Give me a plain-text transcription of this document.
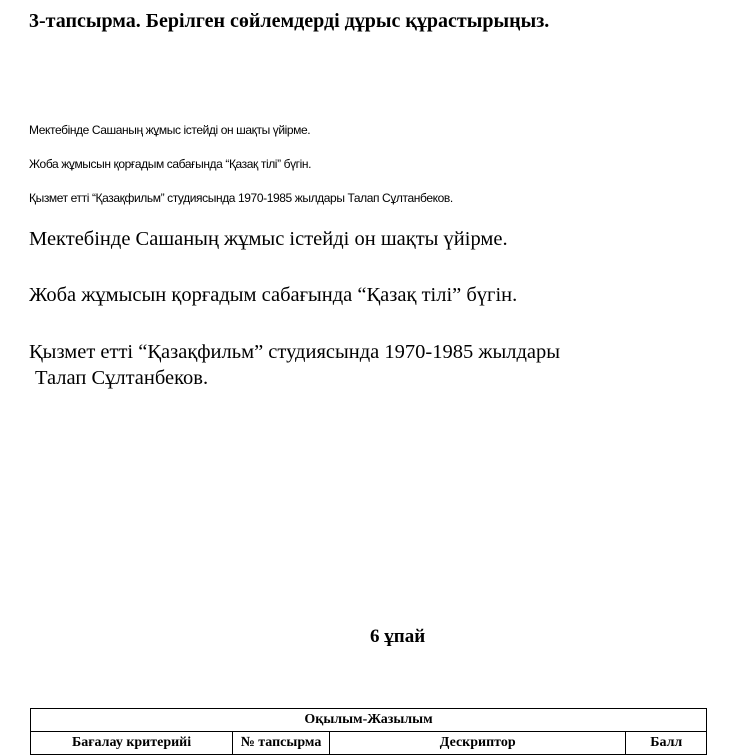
3-тапсырма. Берілген сөйлемдерді дұрыс құрастырыңыз.
Мектебінде Сашаның жұмыс істейді он шақты үйірме.
Жоба жұмысын қорғадым сабағында “Қазақ тілі” бүгін.
Қызмет етті “Қазақфильм” студиясында 1970-1985 жылдары Талап Сұлтанбеков.
Мектебінде Сашаның жұмыс істейді он шақты үйірме.
Жоба жұмысын қорғадым сабағында “Қазақ тілі” бүгін.
Қызмет етті “Қазақфильм” студиясында 1970-1985 жылдары
Талап Сұлтанбеков.
6 ұпай
Оқылым-Жазылым
Бағалау критерийі	№ тапсырма	Дескриптор	Балл
